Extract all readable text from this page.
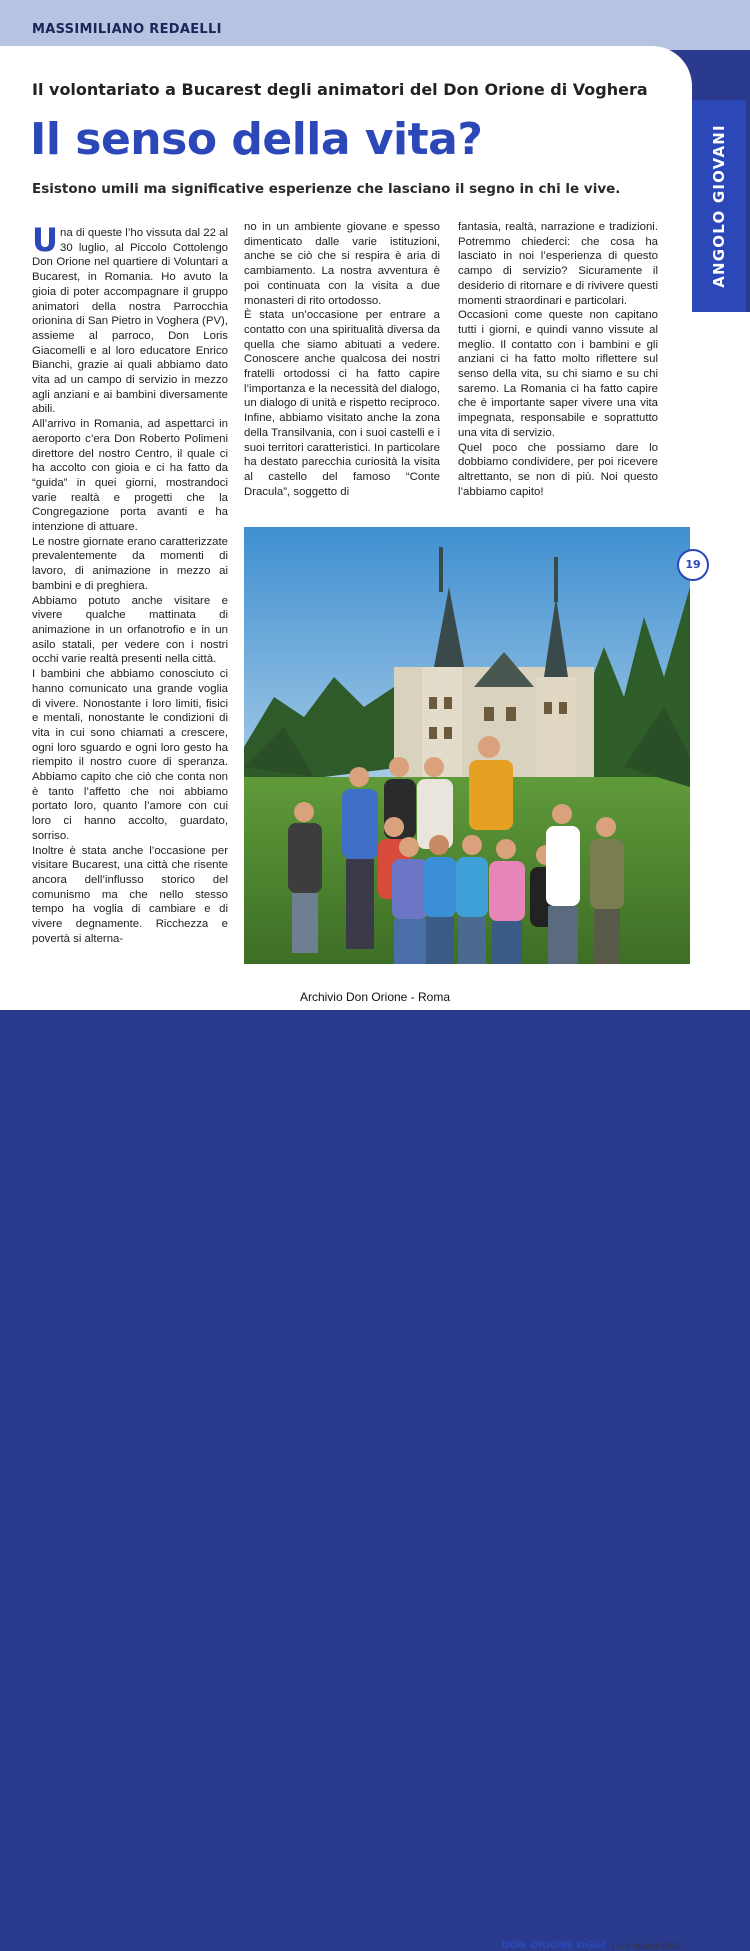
MASSIMILIANO REDAELLI
ANGOLO GIOVANI
Il volontariato a Bucarest degli animatori del Don Orione di Voghera
Il senso della vita?
Esistono umili ma significative esperienze che lasciano il segno in chi le vive.

Una di queste l’ho vissuta dal 22 al 30 luglio, al Piccolo Cottolengo Don Orione nel quartiere di Voluntari a Bucarest, in Romania. Ho avuto la gioia di poter accompagnare il gruppo animatori della nostra Parrocchia orionina di San Pietro in Voghera (PV), assieme al parroco, Don Loris Giacomelli e al loro educatore Enrico Bianchi, grazie ai quali abbiamo dato vita ad un campo di servizio in mezzo agli anziani e ai bambini diversamente abili.

All’arrivo in Romania, ad aspettarci in aeroporto c’era Don Roberto Polimeni direttore del nostro Centro, il quale ci ha accolto con gioia e ci ha fatto da “guida” in quei giorni, mostrandoci varie realtà e progetti che la Congregazione porta avanti e ha intenzione di attuare.

Le nostre giornate erano caratterizzate prevalentemente da momenti di lavoro, di animazione in mezzo ai bambini e di preghiera.

Abbiamo potuto anche visitare e vivere qualche mattinata di animazione in un orfanotrofio e in un asilo statali, per vedere con i nostri occhi varie realtà presenti nella città.

I bambini che abbiamo conosciuto ci hanno comunicato una grande voglia di vivere. Nonostante i loro limiti, fisici e mentali, nonostante le condizioni di vita in cui sono chiamati a crescere, ogni loro sguardo e ogni loro gesto ha riempito il nostro cuore di speranza. Abbiamo capito che ciò che conta non è tanto l’affetto che noi abbiamo portato loro, quanto l’amore con cui loro ci hanno accolto, guardato, sorriso.

Inoltre è stata anche l’occasione per visitare Bucarest, una città che risente ancora dell’influsso storico del comunismo ma che nello stesso tempo ha voglia di cambiare e di vivere degnamente. Ricchezza e povertà si alterna-

no in un ambiente giovane e spesso dimenticato dalle varie istituzioni, anche se ciò che si respira è aria di cambiamento. La nostra avventura è poi continuata con la visita a due monasteri di rito ortodosso.

È stata un’occasione per entrare a contatto con una spiritualità diversa da quella che siamo abituati a vedere. Conoscere anche qualcosa dei nostri fratelli ortodossi ci ha fatto capire l’importanza e la necessità del dialogo, un dialogo di unità e rispetto reciproco. Infine, abbiamo visitato anche la zona della Transilvania, con i suoi castelli e i suoi territori caratteristici. In particolare ha destato parecchia curiosità la visita al castello del famoso “Conte Dracula”, soggetto di

fantasia, realtà, narrazione e tradizioni. Potremmo chiederci: che cosa ha lasciato in noi l’esperienza di questo campo di servizio? Sicuramente il desiderio di ritornare e di rivivere questi momenti straordinari e particolari.

Occasioni come queste non capitano tutti i giorni, e quindi vanno vissute al meglio. Il contatto con i bambini e gli anziani ci ha fatto molto riflettere sul senso della vita, su chi siamo e su chi saremo. La Romania ci ha fatto capire che è importante saper vivere una vita impegnata, responsabile e soprattutto una vita di servizio.

Quel poco che possiamo dare lo dobbiamo condividere, per poi ricevere altrettanto, se non di più. Noi questo l’abbiamo capito!

19
DON ORIONE OGGI | n. 9 ottobre 2010
Archivio Don Orione - Roma
